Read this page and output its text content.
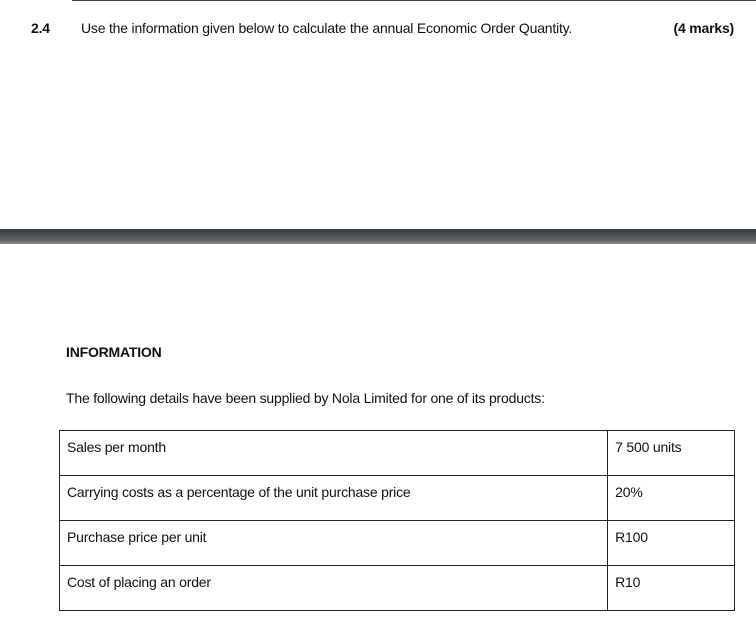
2.4 Use the information given below to calculate the annual Economic Order Quantity.	(4 marks)
INFORMATION
The following details have been supplied by Nola Limited for one of its products:
Sales per month	7 500 units
Carrying costs as a percentage of the unit purchase price	20%
Purchase price per unit	R100
Cost of placing an order	R10
